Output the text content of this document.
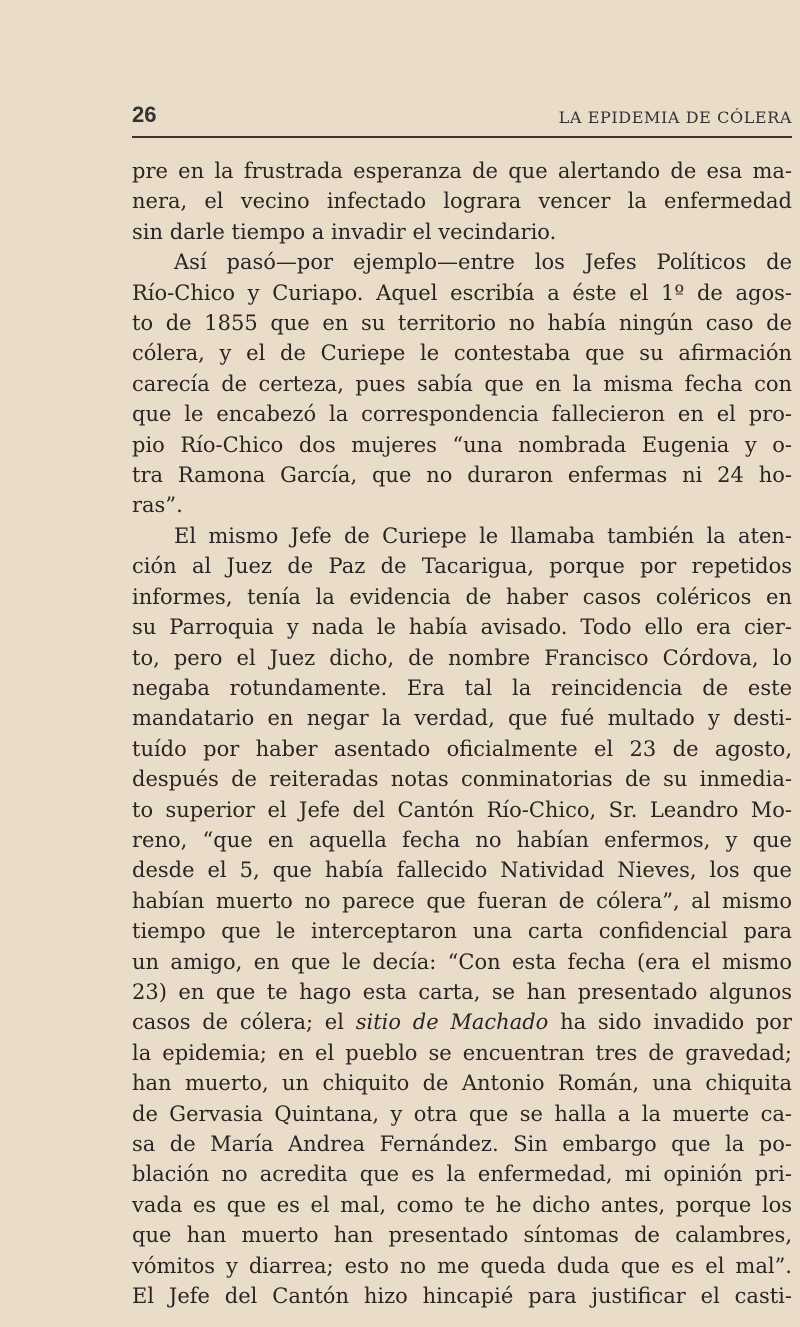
26	LA EPIDEMIA DE CÓLERA
pre en la frustrada esperanza de que alertando de esa ma-
nera, el vecino infectado lograra vencer la enfermedad
sin darle tiempo a invadir el vecindario.
Así pasó—por ejemplo—entre los Jefes Políticos de
Río-Chico y Curiapo. Aquel escribía a éste el 1º de agos-
to de 1855 que en su territorio no había ningún caso de
cólera, y el de Curiepe le contestaba que su afirmación
carecía de certeza, pues sabía que en la misma fecha con
que le encabezó la correspondencia fallecieron en el pro-
pio Río-Chico dos mujeres “una nombrada Eugenia y o-
tra Ramona García, que no duraron enfermas ni 24 ho-
ras”.
El mismo Jefe de Curiepe le llamaba también la aten-
ción al Juez de Paz de Tacarigua, porque por repetidos
informes, tenía la evidencia de haber casos coléricos en
su Parroquia y nada le había avisado. Todo ello era cier-
to, pero el Juez dicho, de nombre Francisco Córdova, lo
negaba rotundamente. Era tal la reincidencia de este
mandatario en negar la verdad, que fué multado y desti-
tuído por haber asentado oficialmente el 23 de agosto,
después de reiteradas notas conminatorias de su inmedia-
to superior el Jefe del Cantón Río-Chico, Sr. Leandro Mo-
reno, “que en aquella fecha no habían enfermos, y que
desde el 5, que había fallecido Natividad Nieves, los que
habían muerto no parece que fueran de cólera”, al mismo
tiempo que le interceptaron una carta confidencial para
un amigo, en que le decía: “Con esta fecha (era el mismo
23) en que te hago esta carta, se han presentado algunos
casos de cólera; el sitio de Machado ha sido invadido por
la epidemia; en el pueblo se encuentran tres de gravedad;
han muerto, un chiquito de Antonio Román, una chiquita
de Gervasia Quintana, y otra que se halla a la muerte ca-
sa de María Andrea Fernández. Sin embargo que la po-
blación no acredita que es la enfermedad, mi opinión pri-
vada es que es el mal, como te he dicho antes, porque los
que han muerto han presentado síntomas de calambres,
vómitos y diarrea; esto no me queda duda que es el mal”.
El Jefe del Cantón hizo hincapié para justificar el casti-
